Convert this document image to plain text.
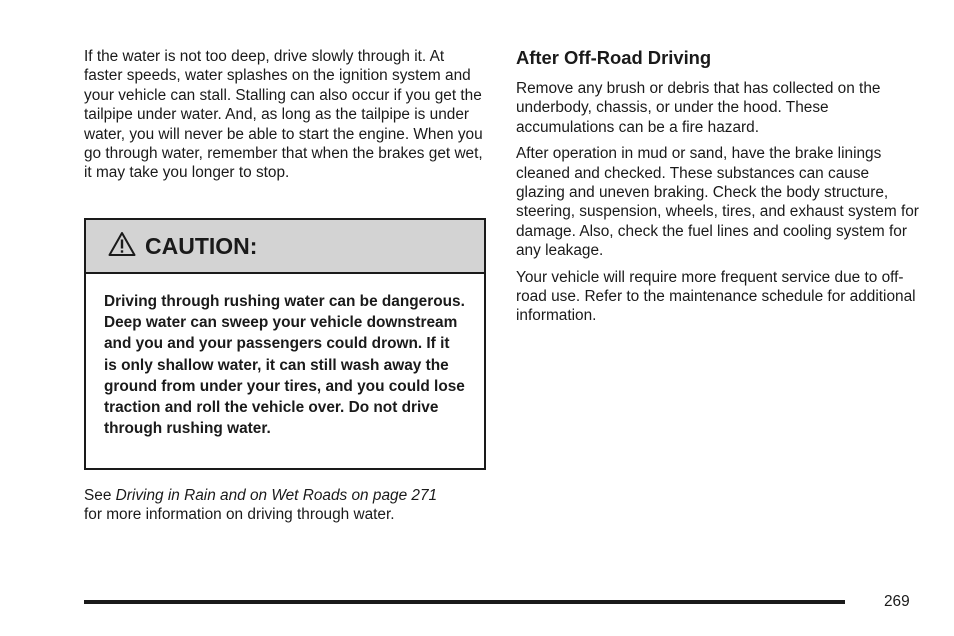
If the water is not too deep, drive slowly through it. At faster speeds, water splashes on the ignition system and your vehicle can stall. Stalling can also occur if you get the tailpipe under water. And, as long as the tailpipe is under water, you will never be able to start the engine. When you go through water, remember that when the brakes get wet, it may take you longer to stop.

CAUTION:
Driving through rushing water can be dangerous. Deep water can sweep your vehicle downstream and you and your passengers could drown. If it is only shallow water, it can still wash away the ground from under your tires, and you could lose traction and roll the vehicle over. Do not drive through rushing water.

See Driving in Rain and on Wet Roads on page 271
for more information on driving through water.

After Off-Road Driving

Remove any brush or debris that has collected on the underbody, chassis, or under the hood. These accumulations can be a fire hazard.

After operation in mud or sand, have the brake linings cleaned and checked. These substances can cause glazing and uneven braking. Check the body structure, steering, suspension, wheels, tires, and exhaust system for damage. Also, check the fuel lines and cooling system for any leakage.

Your vehicle will require more frequent service due to off-road use. Refer to the maintenance schedule for additional information.

269
